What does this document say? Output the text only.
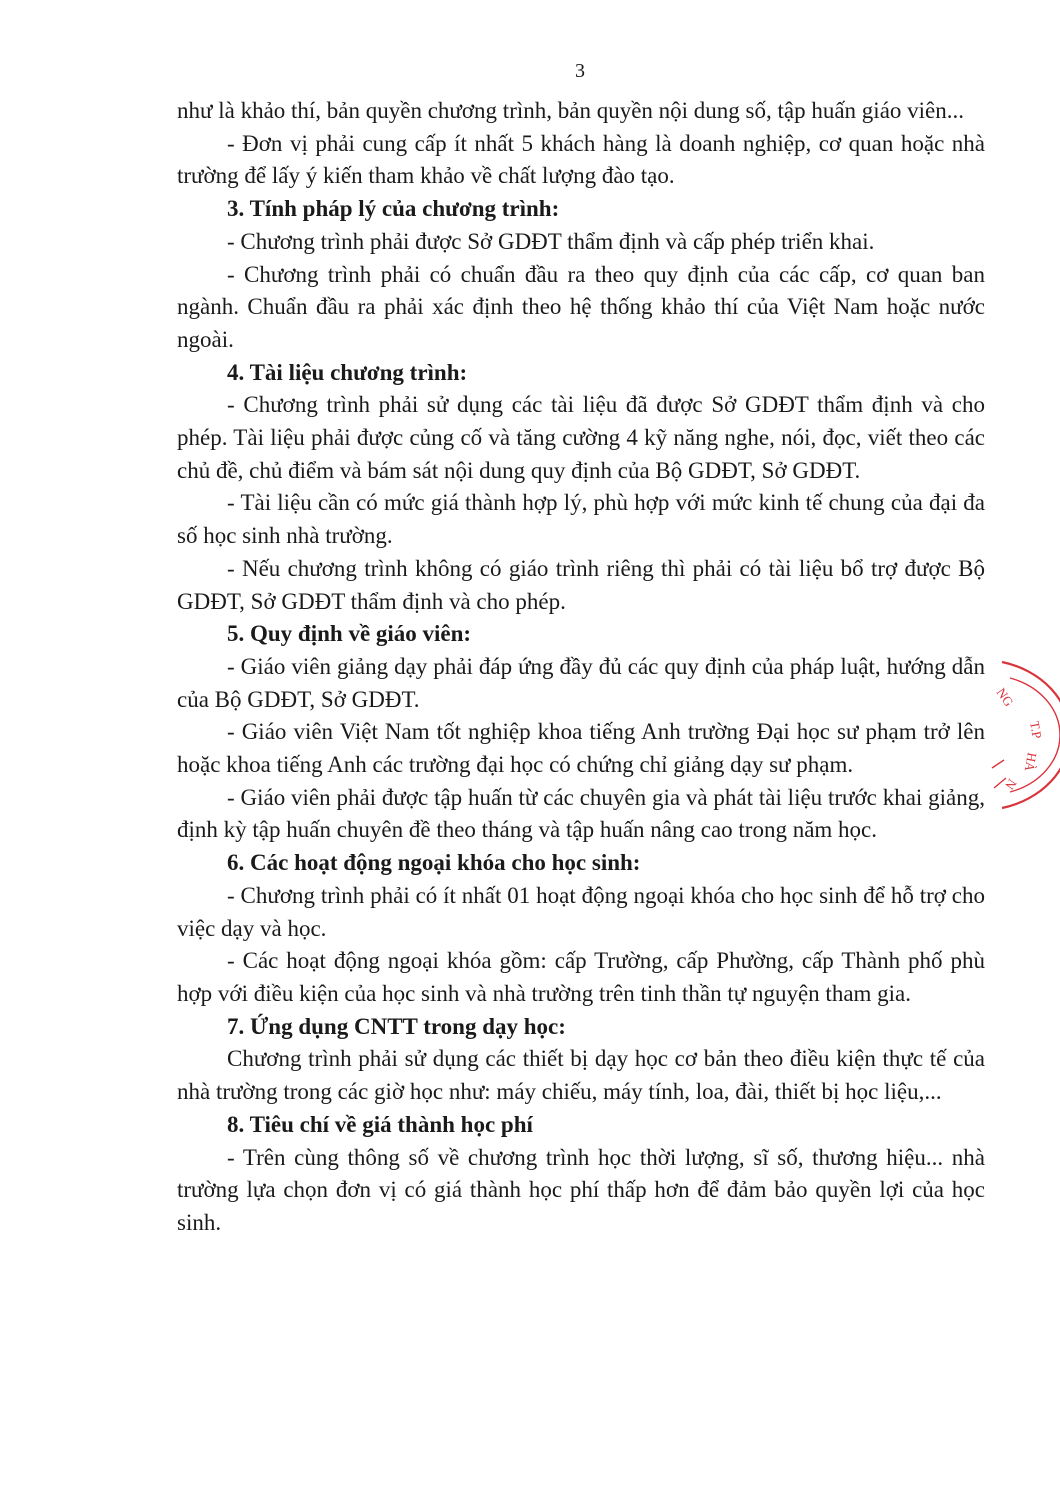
3

như là khảo thí, bản quyền chương trình, bản quyền nội dung số, tập huấn giáo viên...

- Đơn vị phải cung cấp ít nhất 5 khách hàng là doanh nghiệp, cơ quan hoặc nhà trường để lấy ý kiến tham khảo về chất lượng đào tạo.

3. Tính pháp lý của chương trình:

- Chương trình phải được Sở GDĐT thẩm định và cấp phép triển khai.

- Chương trình phải có chuẩn đầu ra theo quy định của các cấp, cơ quan ban ngành. Chuẩn đầu ra phải xác định theo hệ thống khảo thí của Việt Nam hoặc nước ngoài.

4. Tài liệu chương trình:

- Chương trình phải sử dụng các tài liệu đã được Sở GDĐT thẩm định và cho phép. Tài liệu phải được củng cố và tăng cường 4 kỹ năng nghe, nói, đọc, viết theo các chủ đề, chủ điểm và bám sát nội dung quy định của Bộ GDĐT, Sở GDĐT.

- Tài liệu cần có mức giá thành hợp lý, phù hợp với mức kinh tế chung của đại đa số học sinh nhà trường.

- Nếu chương trình không có giáo trình riêng thì phải có tài liệu bổ trợ được Bộ GDĐT, Sở GDĐT thẩm định và cho phép.

5. Quy định về giáo viên:

- Giáo viên giảng dạy phải đáp ứng đầy đủ các quy định của pháp luật, hướng dẫn của Bộ GDĐT, Sở GDĐT.

- Giáo viên Việt Nam tốt nghiệp khoa tiếng Anh trường Đại học sư phạm trở lên hoặc khoa tiếng Anh các trường đại học có chứng chỉ giảng dạy sư phạm.

- Giáo viên phải được tập huấn từ các chuyên gia và phát tài liệu trước khai giảng, định kỳ tập huấn chuyên đề theo tháng và tập huấn nâng cao trong năm học.

6. Các hoạt động ngoại khóa cho học sinh:

- Chương trình phải có ít nhất 01 hoạt động ngoại khóa cho học sinh để hỗ trợ cho việc dạy và học.

- Các hoạt động ngoại khóa gồm: cấp Trường, cấp Phường, cấp Thành phố phù hợp với điều kiện của học sinh và nhà trường trên tinh thần tự nguyện tham gia.

7. Ứng dụng CNTT trong dạy học:

Chương trình phải sử dụng các thiết bị dạy học cơ bản theo điều kiện thực tế của nhà trường trong các giờ học như: máy chiếu, máy tính, loa, đài, thiết bị học liệu,...

8. Tiêu chí về giá thành học phí

- Trên cùng thông số về chương trình học thời lượng, sĩ số, thương hiệu... nhà trường lựa chọn đơn vị có giá thành học phí thấp hơn để đảm bảo quyền lợi của học sinh.

NG
T.P
HÀ
N
